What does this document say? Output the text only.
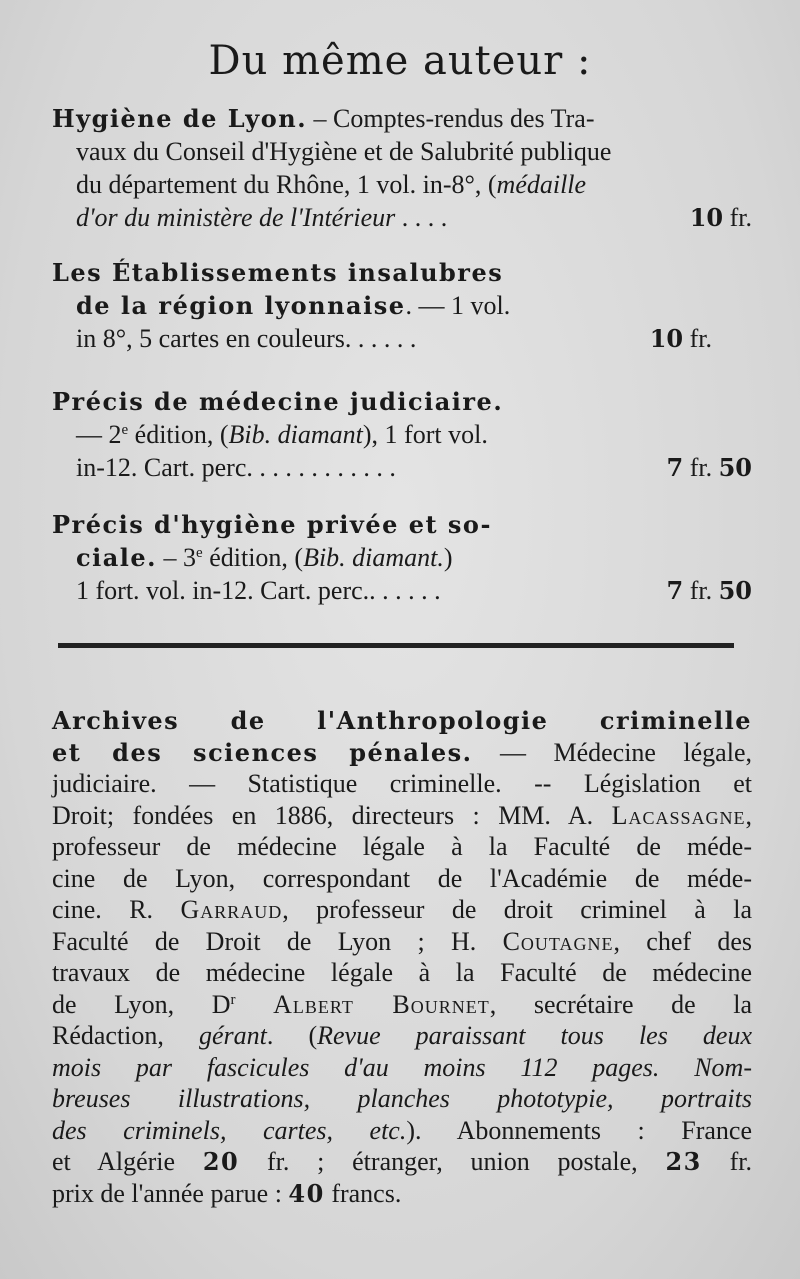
Du même auteur :
Hygiène de Lyon. – Comptes-rendus des Tra-
vaux du Conseil d'Hygiène et de Salubrité publique
du département du Rhône, 1 vol. in-8°, (médaille
d'or du ministère de l'Intérieur . . . .	10 fr.
Les Établissements insalubres
de la région lyonnaise. — 1 vol.
in 8°, 5 cartes en couleurs. . . . . .	10 fr.
Précis de médecine judiciaire.
— 2e édition, (Bib. diamant), 1 fort vol.
in-12. Cart. perc. . . . . . . . . . . .	7 fr. 50
Précis d'hygiène privée et so-
ciale. – 3e édition, (Bib. diamant.)
1 fort. vol. in-12. Cart. perc.. . . . . .	7 fr. 50
Archives de l'Anthropologie criminelle
et des sciences pénales. — Médecine légale,
judiciaire. — Statistique criminelle. -- Législation et
Droit; fondées en 1886, directeurs : MM. A. Lacassagne,
professeur de médecine légale à la Faculté de méde-
cine de Lyon, correspondant de l'Académie de méde-
cine. R. Garraud, professeur de droit criminel à la
Faculté de Droit de Lyon ; H. Coutagne, chef des
travaux de médecine légale à la Faculté de médecine
de Lyon, $D^r$ Albert Bournet, secrétaire de la
Rédaction, gérant. (Revue paraissant tous les deux
mois par fascicules d'au moins 112 pages. Nom-
breuses illustrations, planches phototypie, portraits
des criminels, cartes, etc.). Abonnements : France
et Algérie 20 fr. ; étranger, union postale, 23 fr.
prix de l'année parue : 40 francs.
